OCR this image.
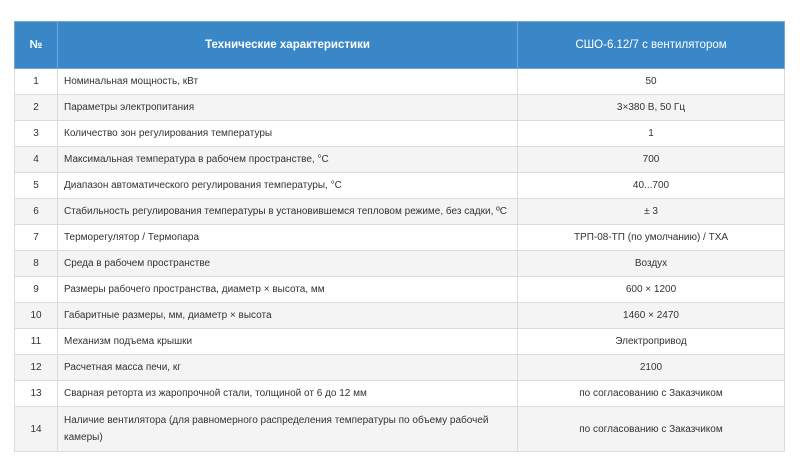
№	Технические характеристики	СШО-6.12/7 с вентилятором
1	Номинальная мощность, кВт	50
2	Параметры электропитания	3×380 В, 50 Гц
3	Количество зон регулирования температуры	1
4	Максимальная температура в рабочем пространстве, °С	700
5	Диапазон автоматического регулирования температуры, °С	40...700
6	Стабильность регулирования температуры в установившемся тепловом режиме, без садки, ºС	± 3
7	Терморегулятор / Термопара	ТРП-08-ТП (по умолчанию) / ТХА
8	Среда в рабочем пространстве	Воздух
9	Размеры рабочего пространства, диаметр × высота, мм	600 × 1200
10	Габаритные размеры, мм, диаметр × высота	1460 × 2470
11	Механизм подъема крышки	Электропривод
12	Расчетная масса печи, кг	2100
13	Сварная реторта из жаропрочной стали, толщиной от 6 до 12 мм	по согласованию с Заказчиком
14	Наличие вентилятора (для равномерного распределения температуры по объему рабочей камеры)	по согласованию с Заказчиком
